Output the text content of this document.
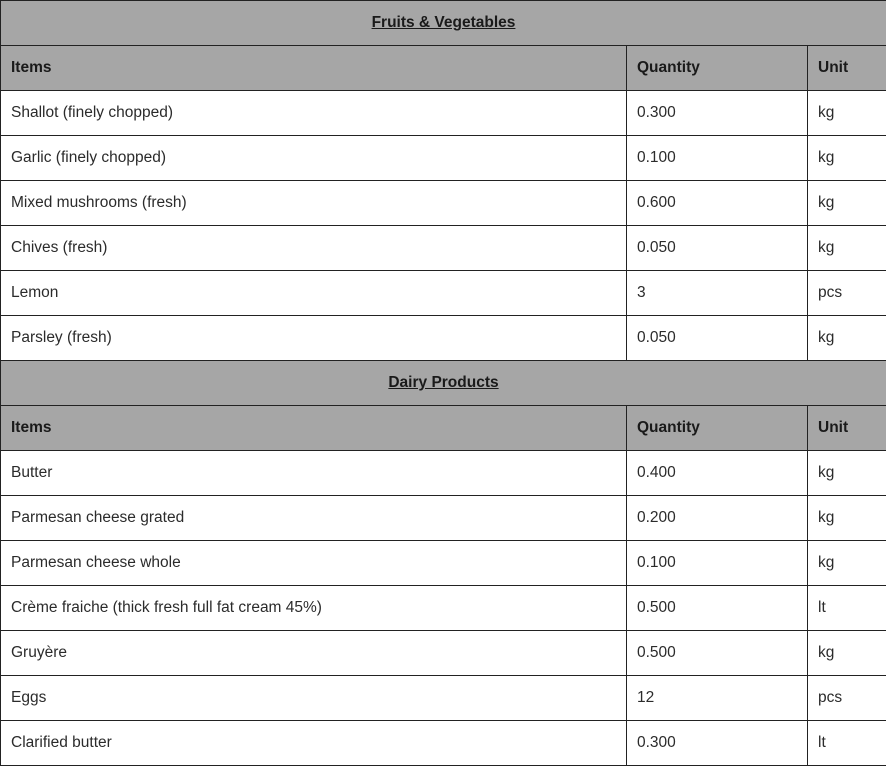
Fruits & Vegetables		
Items	Quantity	Unit
Shallot (finely chopped)	0.300	kg
Garlic (finely chopped)	0.100	kg
Mixed mushrooms (fresh)	0.600	kg
Chives (fresh)	0.050	kg
Lemon	3	pcs
Parsley (fresh)	0.050	kg
Dairy Products		
Items	Quantity	Unit
Butter	0.400	kg
Parmesan cheese grated	0.200	kg
Parmesan cheese whole	0.100	kg
Crème fraiche (thick fresh full fat cream 45%)	0.500	lt
Gruyère	0.500	kg
Eggs	12	pcs
Clarified butter	0.300	lt
